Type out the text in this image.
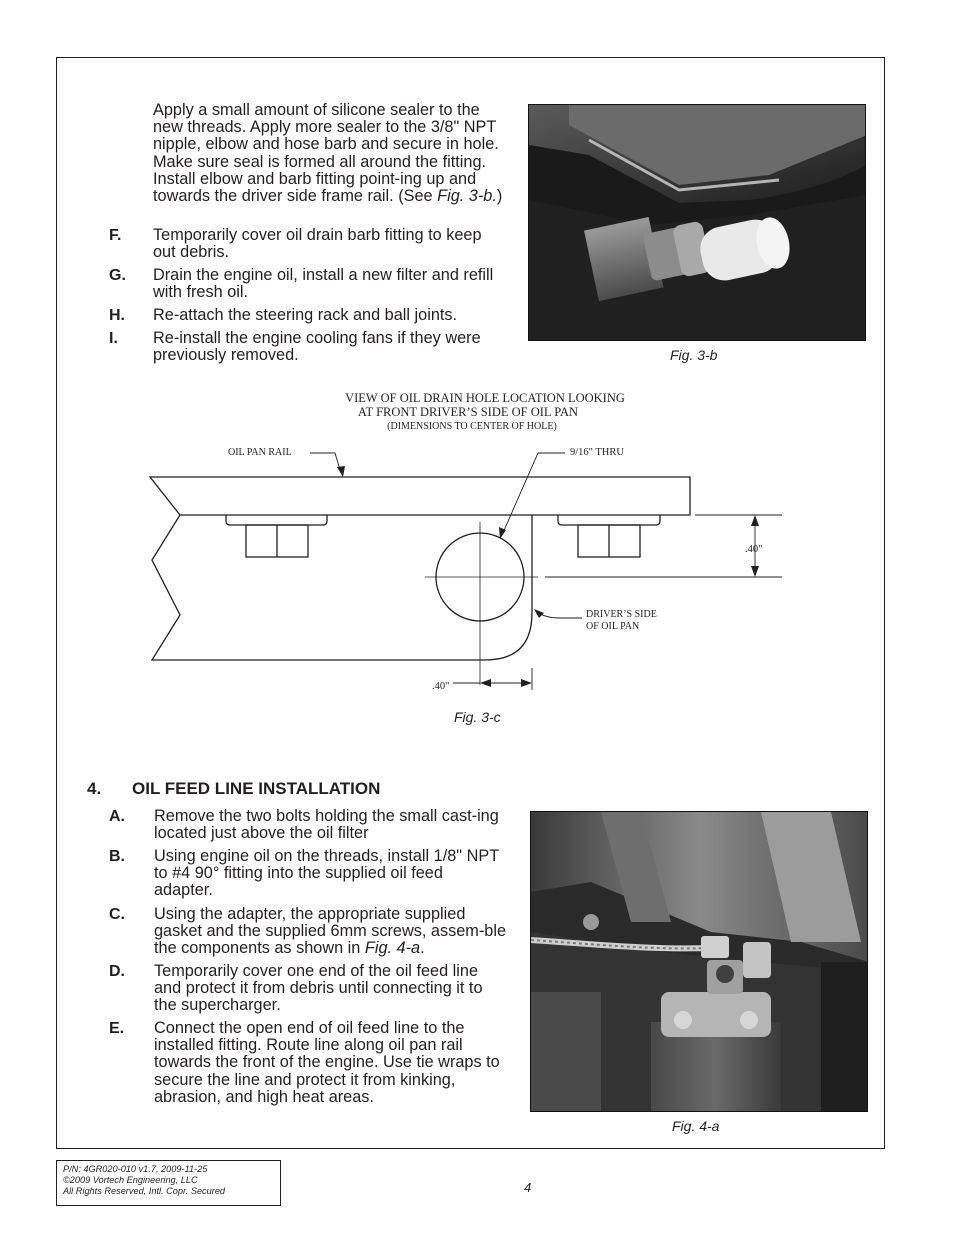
Apply a small amount of silicone sealer to the new threads. Apply more sealer to the 3/8" NPT nipple, elbow and hose barb and secure in hole. Make sure seal is formed all around the fitting. Install elbow and barb fitting point-ing up and towards the driver side frame rail. (See Fig. 3-b.)
F. Temporarily cover oil drain barb fitting to keep out debris.
G. Drain the engine oil, install a new filter and refill with fresh oil.
H. Re-attach the steering rack and ball joints.
I. Re-install the engine cooling fans if they were previously removed.	Fig. 3-b
VIEW OF OIL DRAIN HOLE LOCATION LOOKING
AT FRONT DRIVER’S SIDE OF OIL PAN
(DIMENSIONS TO CENTER OF HOLE)
OIL PAN RAIL	9/16" THRU
.40"
DRIVER’S SIDE
OF OIL PAN
.40"
Fig. 3-c
4. OIL FEED LINE INSTALLATION
A. Remove the two bolts holding the small cast-ing located just above the oil filter
B. Using engine oil on the threads, install 1/8" NPT to #4 90° fitting into the supplied oil feed adapter.
C. Using the adapter, the appropriate supplied gasket and the supplied 6mm screws, assem-ble the components as shown in Fig. 4-a.
D. Temporarily cover one end of the oil feed line and protect it from debris until connecting it to the supercharger.
E. Connect the open end of oil feed line to the installed fitting. Route line along oil pan rail towards the front of the engine. Use tie wraps to secure the line and protect it from kinking, abrasion, and high heat areas.
Fig. 4-a
P/N: 4GR020-010 v1.7, 2009-11-25
©2009 Vortech Engineering, LLC
All Rights Reserved, Intl. Copr. Secured	4
